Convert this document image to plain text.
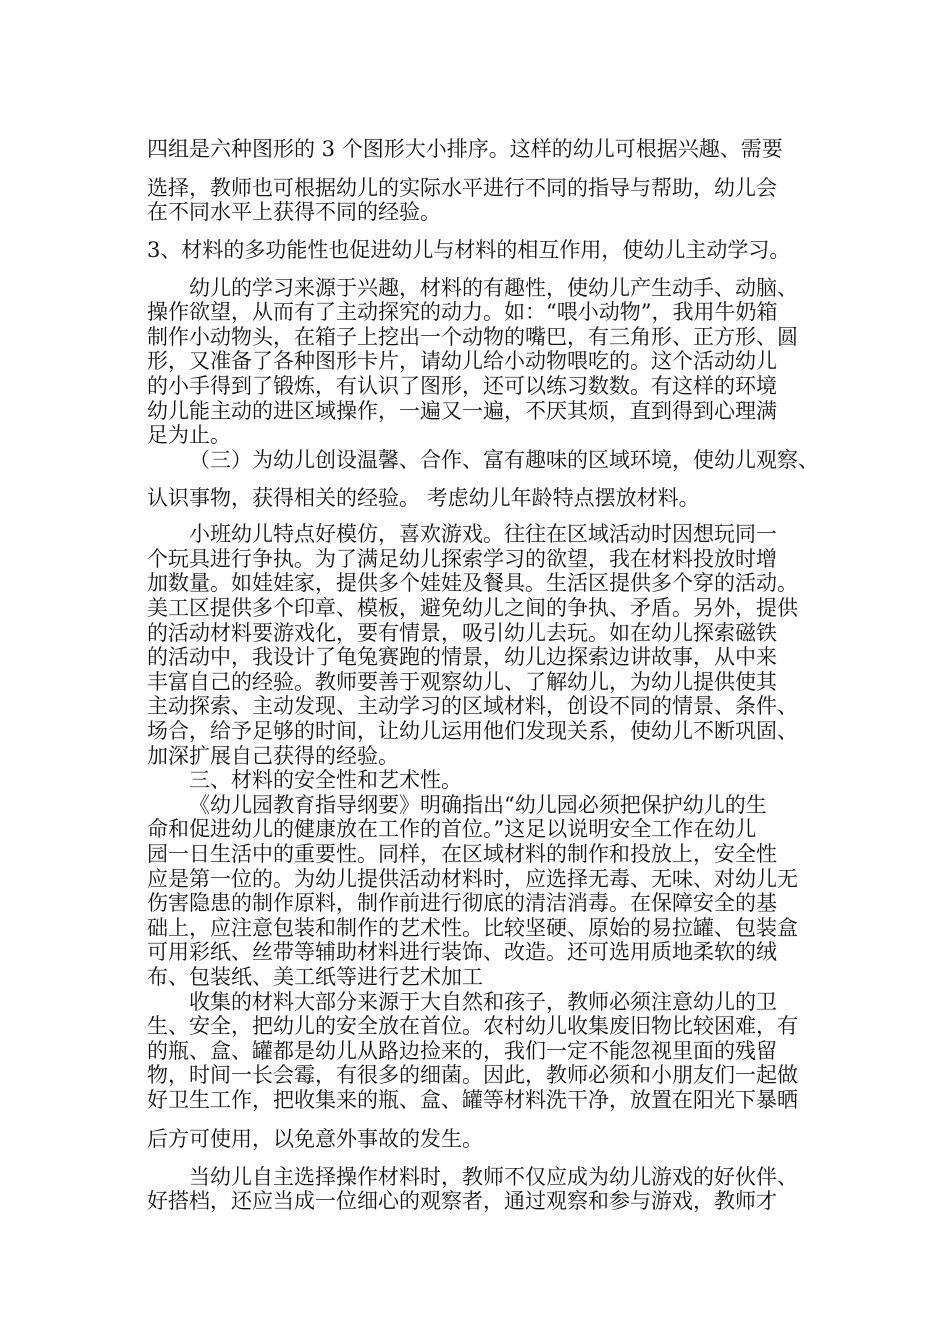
四组是六种图形的 3 个图形大小排序。这样的幼儿可根据兴趣、需要

选择，教师也可根据幼儿的实际水平进行不同的指导与帮助，幼儿会

在不同水平上获得不同的经验。

3、材料的多功能性也促进幼儿与材料的相互作用，使幼儿主动学习。

幼儿的学习来源于兴趣，材料的有趣性，使幼儿产生动手、动脑、

操作欲望，从而有了主动探究的动力。如：“喂小动物”，我用牛奶箱

制作小动物头，在箱子上挖出一个动物的嘴巴，有三角形、正方形、圆

形，又准备了各种图形卡片，请幼儿给小动物喂吃的。这个活动幼儿

的小手得到了锻炼，有认识了图形，还可以练习数数。有这样的环境

幼儿能主动的进区域操作，一遍又一遍，不厌其烦，直到得到心理满

足为止。

（三）为幼儿创设温馨、合作、富有趣味的区域环境，使幼儿观察、

认识事物，获得相关的经验。 考虑幼儿年龄特点摆放材料。

小班幼儿特点好模仿，喜欢游戏。往往在区域活动时因想玩同一

个玩具进行争执。为了满足幼儿探索学习的欲望，我在材料投放时增

加数量。如娃娃家，提供多个娃娃及餐具。生活区提供多个穿的活动。

美工区提供多个印章、模板，避免幼儿之间的争执、矛盾。另外，提供

的活动材料要游戏化，要有情景，吸引幼儿去玩。如在幼儿探索磁铁

的活动中，我设计了龟兔赛跑的情景，幼儿边探索边讲故事，从中来

丰富自己的经验。教师要善于观察幼儿、了解幼儿，为幼儿提供使其

主动探索、主动发现、主动学习的区域材料，创设不同的情景、条件、

场合，给予足够的时间，让幼儿运用他们发现关系，使幼儿不断巩固、

加深扩展自己获得的经验。

三、材料的安全性和艺术性。

《幼儿园教育指导纲要》明确指出“幼儿园必须把保护幼儿的生

命和促进幼儿的健康放在工作的首位。”这足以说明安全工作在幼儿

园一日生活中的重要性。同样，在区域材料的制作和投放上，安全性

应是第一位的。为幼儿提供活动材料时，应选择无毒、无味、对幼儿无

伤害隐患的制作原料，制作前进行彻底的清洁消毒。在保障安全的基

础上，应注意包装和制作的艺术性。比较坚硬、原始的易拉罐、包装盒

可用彩纸、丝带等辅助材料进行装饰、改造。还可选用质地柔软的绒

布、包装纸、美工纸等进行艺术加工

收集的材料大部分来源于大自然和孩子，教师必须注意幼儿的卫

生、安全，把幼儿的安全放在首位。农村幼儿收集废旧物比较困难，有

的瓶、盒、罐都是幼儿从路边捡来的，我们一定不能忽视里面的残留

物，时间一长会霉，有很多的细菌。因此，教师必须和小朋友们一起做

好卫生工作，把收集来的瓶、盒、罐等材料洗干净，放置在阳光下暴晒

后方可使用，以免意外事故的发生。

当幼儿自主选择操作材料时，教师不仅应成为幼儿游戏的好伙伴、

好搭档，还应当成一位细心的观察者，通过观察和参与游戏，教师才
